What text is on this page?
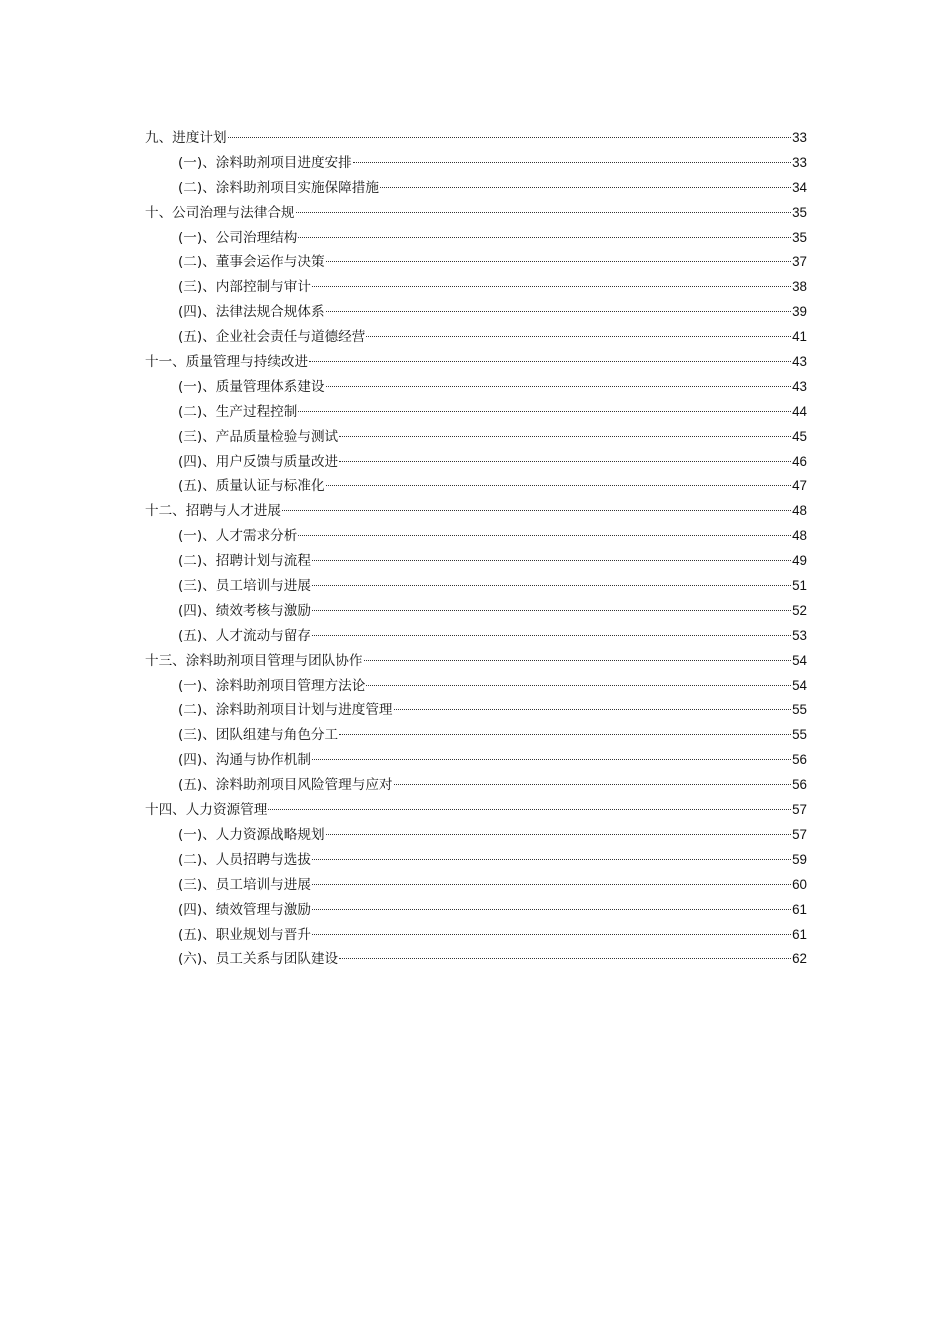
九、进度计划	33
(一)、涂料助剂项目进度安排	33
(二)、涂料助剂项目实施保障措施	34
十、公司治理与法律合规	35
(一)、公司治理结构	35
(二)、董事会运作与决策	37
(三)、内部控制与审计	38
(四)、法律法规合规体系	39
(五)、企业社会责任与道德经营	41
十一、质量管理与持续改进	43
(一)、质量管理体系建设	43
(二)、生产过程控制	44
(三)、产品质量检验与测试	45
(四)、用户反馈与质量改进	46
(五)、质量认证与标准化	47
十二、招聘与人才进展	48
(一)、人才需求分析	48
(二)、招聘计划与流程	49
(三)、员工培训与进展	51
(四)、绩效考核与激励	52
(五)、人才流动与留存	53
十三、涂料助剂项目管理与团队协作	54
(一)、涂料助剂项目管理方法论	54
(二)、涂料助剂项目计划与进度管理	55
(三)、团队组建与角色分工	55
(四)、沟通与协作机制	56
(五)、涂料助剂项目风险管理与应对	56
十四、人力资源管理	57
(一)、人力资源战略规划	57
(二)、人员招聘与选拔	59
(三)、员工培训与进展	60
(四)、绩效管理与激励	61
(五)、职业规划与晋升	61
(六)、员工关系与团队建设	62
